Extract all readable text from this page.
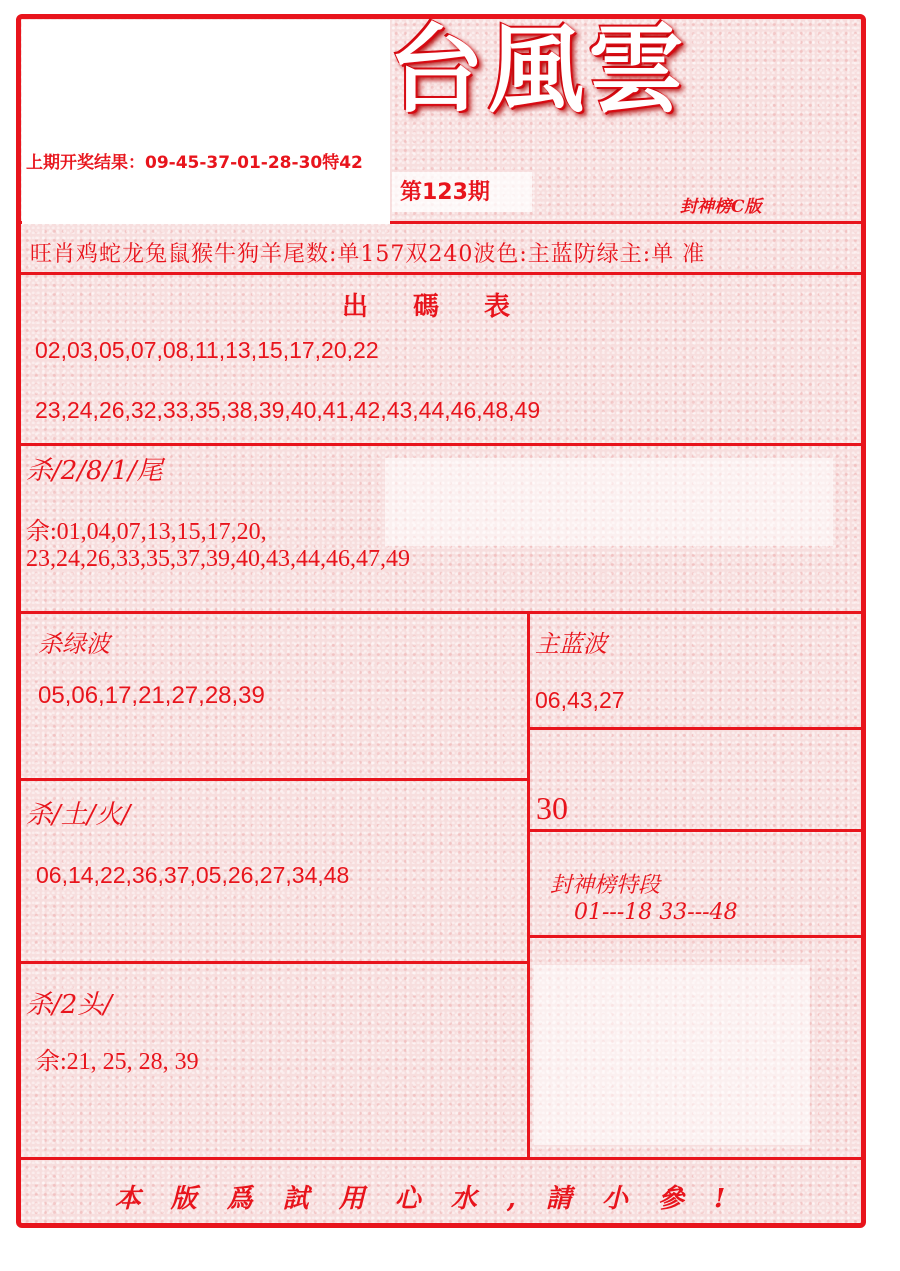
上期开奖结果：09-45-37-01-28-30特42
台風雲
第123期
封神榜C版
旺肖鸡蛇龙兔鼠猴牛狗羊尾数:单157双240波色:主蓝防绿主:单 准
出 碼 表
02,03,05,07,08,11,13,15,17,20,22
23,24,26,32,33,35,38,39,40,41,42,43,44,46,48,49
杀/2/8/1/尾
余:01,04,07,13,15,17,20,
23,24,26,33,35,37,39,40,43,44,46,47,49
杀绿波
05,06,17,21,27,28,39
主蓝波
06,43,27
杀/土/火/
06,14,22,36,37,05,26,27,34,48
30
封神榜特段
01---18 33---48
杀/2头/
余:21, 25, 28, 39
本版爲試用心水,請小參!
